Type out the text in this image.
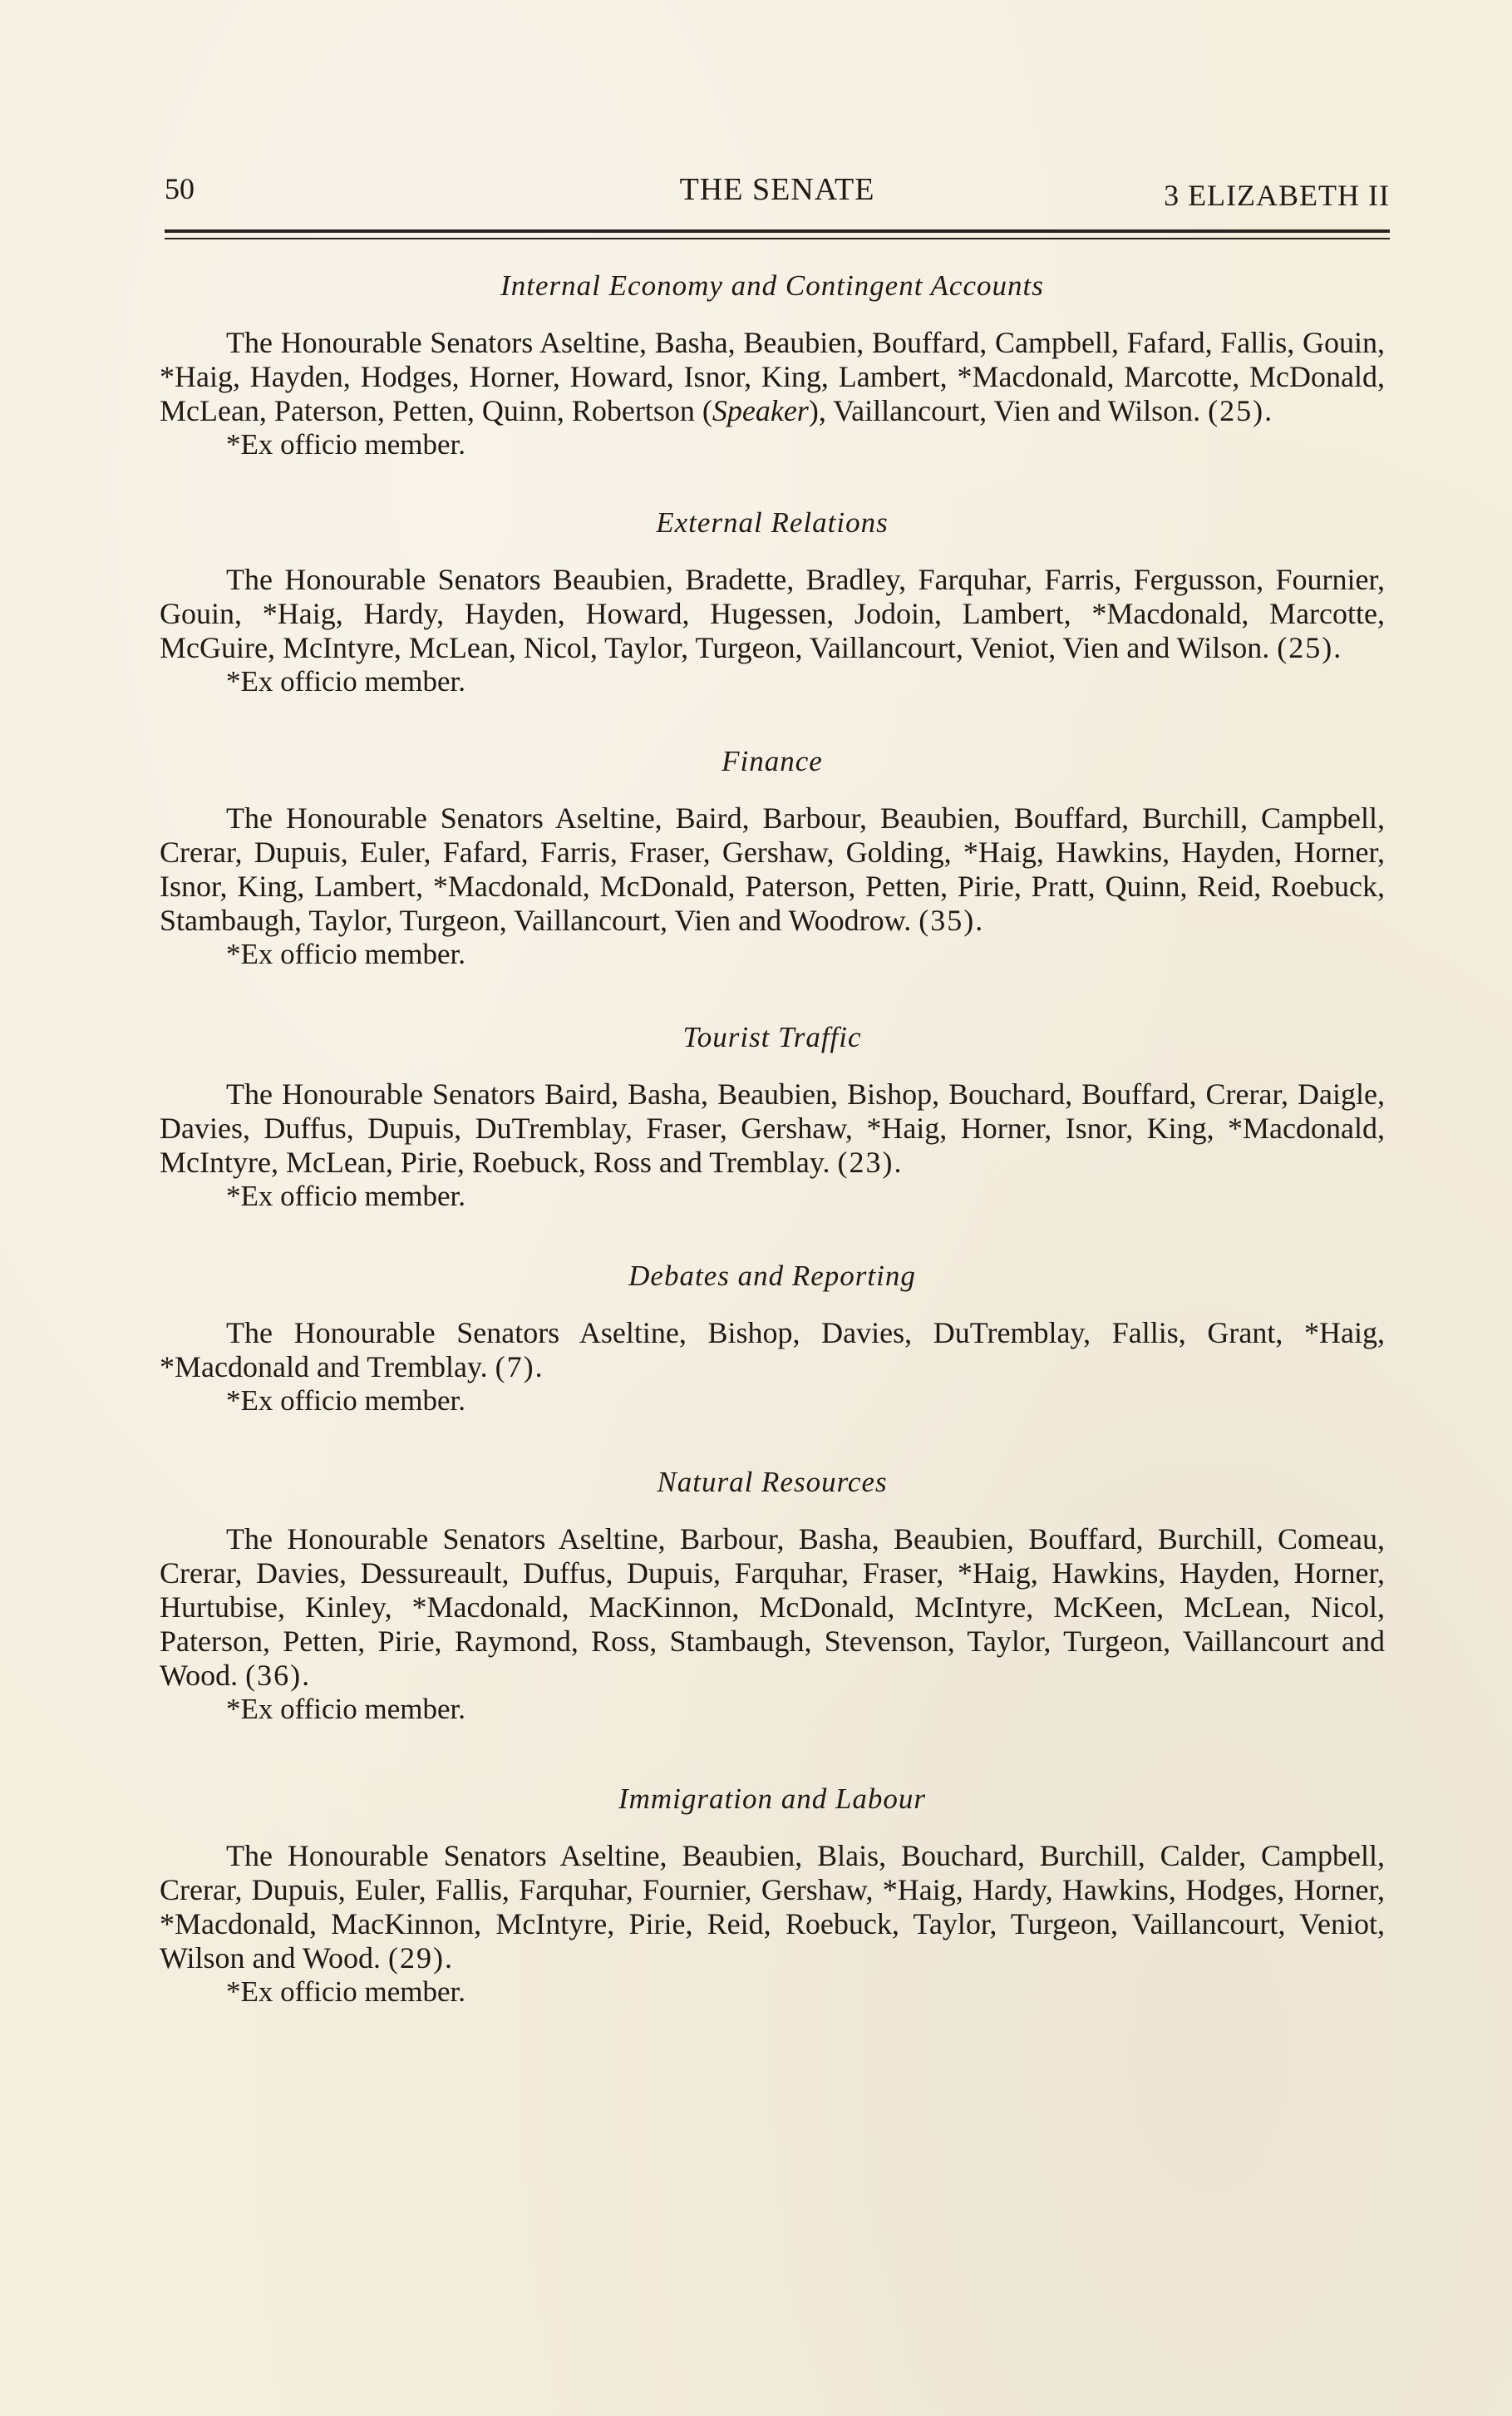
50	THE SENATE	3 ELIZABETH II
Internal Economy and Contingent Accounts

The Honourable Senators Aseltine, Basha, Beaubien, Bouffard, Campbell, Fafard, Fallis, Gouin, *Haig, Hayden, Hodges, Horner, Howard, Isnor, King, Lambert, *Macdonald, Marcotte, McDonald, McLean, Paterson, Petten, Quinn, Robertson (Speaker), Vaillancourt, Vien and Wilson. (25).

*Ex officio member.

External Relations

The Honourable Senators Beaubien, Bradette, Bradley, Farquhar, Farris, Fergusson, Fournier, Gouin, *Haig, Hardy, Hayden, Howard, Hugessen, Jodoin, Lambert, *Macdonald, Marcotte, McGuire, McIntyre, McLean, Nicol, Taylor, Turgeon, Vaillancourt, Veniot, Vien and Wilson. (25).

*Ex officio member.

Finance

The Honourable Senators Aseltine, Baird, Barbour, Beaubien, Bouffard, Burchill, Campbell, Crerar, Dupuis, Euler, Fafard, Farris, Fraser, Gershaw, Golding, *Haig, Hawkins, Hayden, Horner, Isnor, King, Lambert, *Macdonald, McDonald, Paterson, Petten, Pirie, Pratt, Quinn, Reid, Roebuck, Stambaugh, Taylor, Turgeon, Vaillancourt, Vien and Woodrow. (35).

*Ex officio member.

Tourist Traffic

The Honourable Senators Baird, Basha, Beaubien, Bishop, Bouchard, Bouffard, Crerar, Daigle, Davies, Duffus, Dupuis, DuTremblay, Fraser, Gershaw, *Haig, Horner, Isnor, King, *Macdonald, McIntyre, McLean, Pirie, Roebuck, Ross and Tremblay. (23).

*Ex officio member.

Debates and Reporting

The Honourable Senators Aseltine, Bishop, Davies, DuTremblay, Fallis, Grant, *Haig, *Macdonald and Tremblay. (7).

*Ex officio member.

Natural Resources

The Honourable Senators Aseltine, Barbour, Basha, Beaubien, Bouffard, Burchill, Comeau, Crerar, Davies, Dessureault, Duffus, Dupuis, Farquhar, Fraser, *Haig, Hawkins, Hayden, Horner, Hurtubise, Kinley, *Macdonald, MacKinnon, McDonald, McIntyre, McKeen, McLean, Nicol, Paterson, Petten, Pirie, Raymond, Ross, Stambaugh, Stevenson, Taylor, Turgeon, Vaillancourt and Wood. (36).

*Ex officio member.

Immigration and Labour

The Honourable Senators Aseltine, Beaubien, Blais, Bouchard, Burchill, Calder, Campbell, Crerar, Dupuis, Euler, Fallis, Farquhar, Fournier, Gershaw, *Haig, Hardy, Hawkins, Hodges, Horner, *Macdonald, MacKinnon, McIntyre, Pirie, Reid, Roebuck, Taylor, Turgeon, Vaillancourt, Veniot, Wilson and Wood. (29).

*Ex officio member.
